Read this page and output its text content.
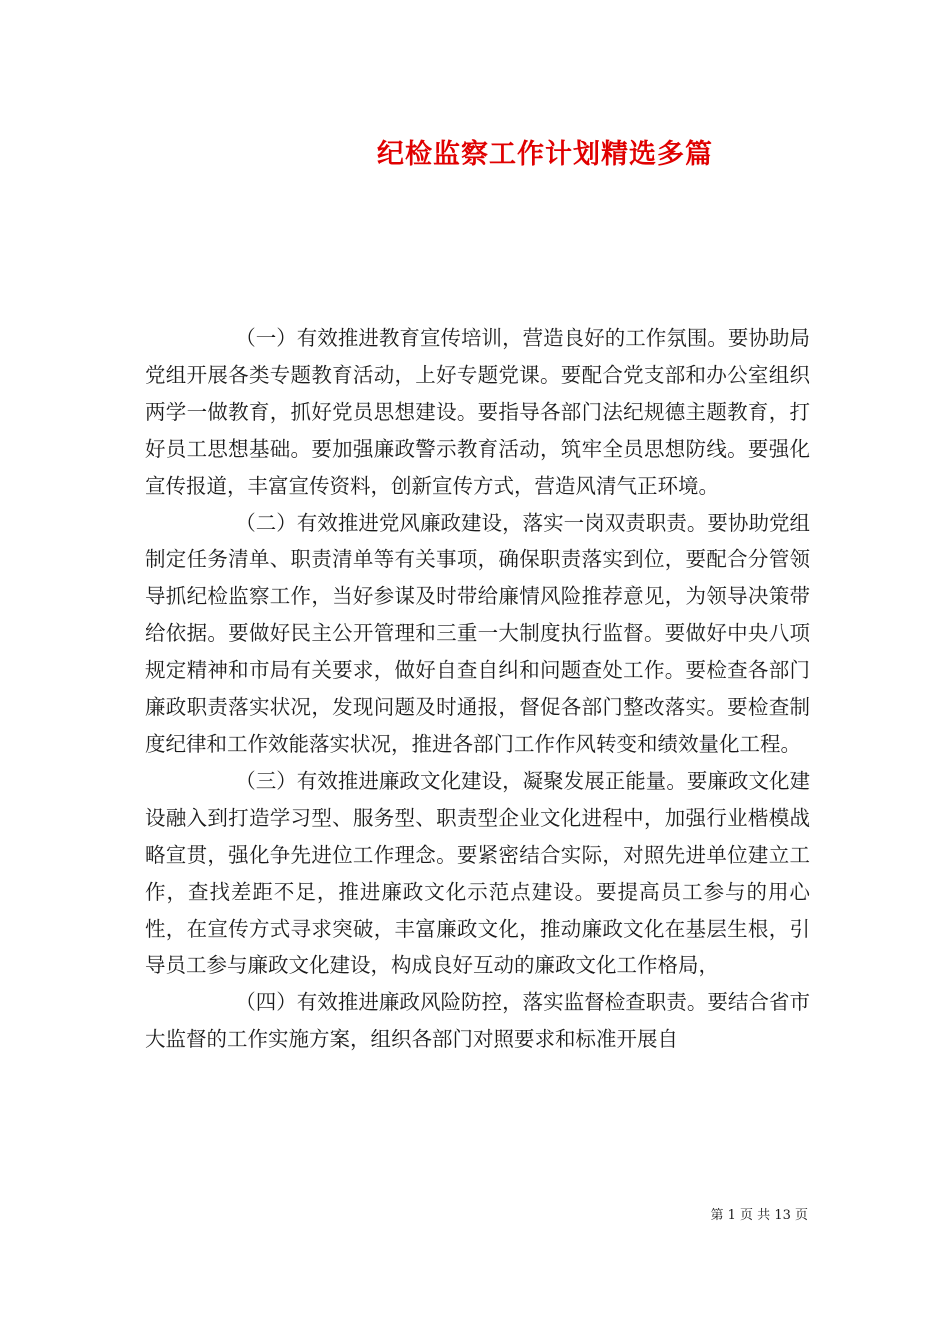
纪检监察工作计划精选多篇

（一）有效推进教育宣传培训，营造良好的工作氛围。要协助局党组开展各类专题教育活动，上好专题党课。要配合党支部和办公室组织两学一做教育，抓好党员思想建设。要指导各部门法纪规德主题教育，打好员工思想基础。要加强廉政警示教育活动，筑牢全员思想防线。要强化宣传报道，丰富宣传资料，创新宣传方式，营造风清气正环境。

（二）有效推进党风廉政建设，落实一岗双责职责。要协助党组制定任务清单、职责清单等有关事项，确保职责落实到位，要配合分管领导抓纪检监察工作，当好参谋及时带给廉情风险推荐意见，为领导决策带给依据。要做好民主公开管理和三重一大制度执行监督。要做好中央八项规定精神和市局有关要求，做好自查自纠和问题查处工作。要检查各部门廉政职责落实状况，发现问题及时通报，督促各部门整改落实。要检查制度纪律和工作效能落实状况，推进各部门工作作风转变和绩效量化工程。

（三）有效推进廉政文化建设，凝聚发展正能量。要廉政文化建设融入到打造学习型、服务型、职责型企业文化进程中，加强行业楷模战略宣贯，强化争先进位工作理念。要紧密结合实际，对照先进单位建立工作，查找差距不足，推进廉政文化示范点建设。要提高员工参与的用心性，在宣传方式寻求突破，丰富廉政文化，推动廉政文化在基层生根，引导员工参与廉政文化建设，构成良好互动的廉政文化工作格局，

（四）有效推进廉政风险防控，落实监督检查职责。要结合省市大监督的工作实施方案，组织各部门对照要求和标准开展自

第 1 页 共 13 页
